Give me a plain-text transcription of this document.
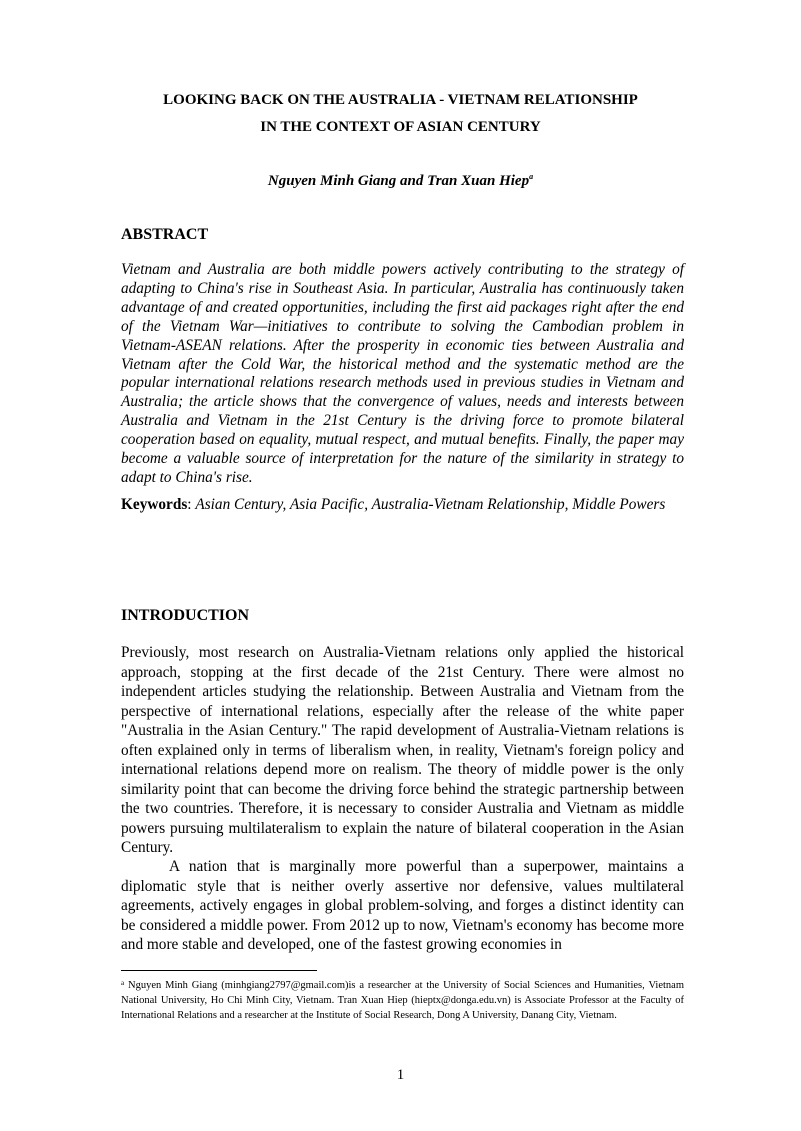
LOOKING BACK ON THE AUSTRALIA - VIETNAM RELATIONSHIP
IN THE CONTEXT OF ASIAN CENTURY
Nguyen Minh Giang and Tran Xuan Hiep$^a$
ABSTRACT

Vietnam and Australia are both middle powers actively contributing to the strategy of adapting to China's rise in Southeast Asia. In particular, Australia has continuously taken advantage of and created opportunities, including the first aid packages right after the end of the Vietnam War—initiatives to contribute to solving the Cambodian problem in Vietnam-ASEAN relations. After the prosperity in economic ties between Australia and Vietnam after the Cold War, the historical method and the systematic method are the popular international relations research methods used in previous studies in Vietnam and Australia; the article shows that the convergence of values, needs and interests between Australia and Vietnam in the 21st Century is the driving force to promote bilateral cooperation based on equality, mutual respect, and mutual benefits. Finally, the paper may become a valuable source of interpretation for the nature of the similarity in strategy to adapt to China's rise.

Keywords: Asian Century, Asia Pacific, Australia-Vietnam Relationship, Middle Powers

INTRODUCTION

Previously, most research on Australia-Vietnam relations only applied the historical approach, stopping at the first decade of the 21st Century. There were almost no independent articles studying the relationship. Between Australia and Vietnam from the perspective of international relations, especially after the release of the white paper "Australia in the Asian Century." The rapid development of Australia-Vietnam relations is often explained only in terms of liberalism when, in reality, Vietnam's foreign policy and international relations depend more on realism. The theory of middle power is the only similarity point that can become the driving force behind the strategic partnership between the two countries. Therefore, it is necessary to consider Australia and Vietnam as middle powers pursuing multilateralism to explain the nature of bilateral cooperation in the Asian Century.

A nation that is marginally more powerful than a superpower, maintains a diplomatic style that is neither overly assertive nor defensive, values multilateral agreements, actively engages in global problem-solving, and forges a distinct identity can be considered a middle power. From 2012 up to now, Vietnam's economy has become more and more stable and developed, one of the fastest growing economies in

$^a$ Nguyen Minh Giang (minhgiang2797@gmail.com)is a researcher at the University of Social Sciences and Humanities, Vietnam National University, Ho Chi Minh City, Vietnam. Tran Xuan Hiep (hieptx@donga.edu.vn) is Associate Professor at the Faculty of International Relations and a researcher at the Institute of Social Research, Dong A University, Danang City, Vietnam.

1
